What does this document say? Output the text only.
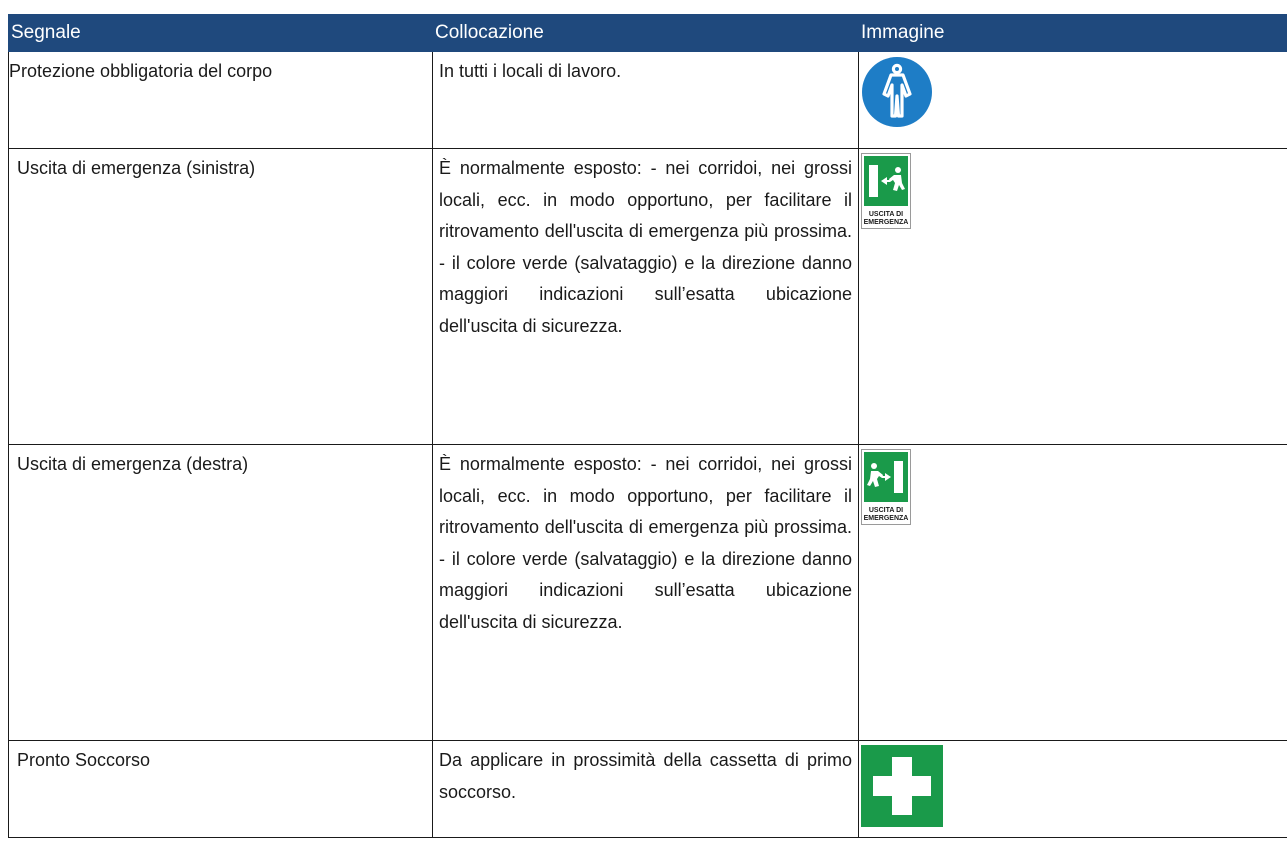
Segnale	Collocazione	Immagine
Protezione obbligatoria del corpo	In tutti i locali di lavoro.	

Uscita di emergenza (sinistra)	È normalmente esposto: - nei corridoi, nei grossi locali, ecc. in modo opportuno, per facilitare il ritrovamento dell'uscita di emergenza più prossima. - il colore verde (salvataggio) e la direzione danno maggiori indicazioni sull’esatta ubicazione dell'uscita di sicurezza.	USCITA DI
EMERGENZA

Uscita di emergenza (destra)	È normalmente esposto: - nei corridoi, nei grossi locali, ecc. in modo opportuno, per facilitare il ritrovamento dell'uscita di emergenza più prossima. - il colore verde (salvataggio) e la direzione danno maggiori indicazioni sull’esatta ubicazione dell'uscita di sicurezza.	USCITA DI
EMERGENZA

Pronto Soccorso	Da applicare in prossimità della cassetta di primo soccorso.	
